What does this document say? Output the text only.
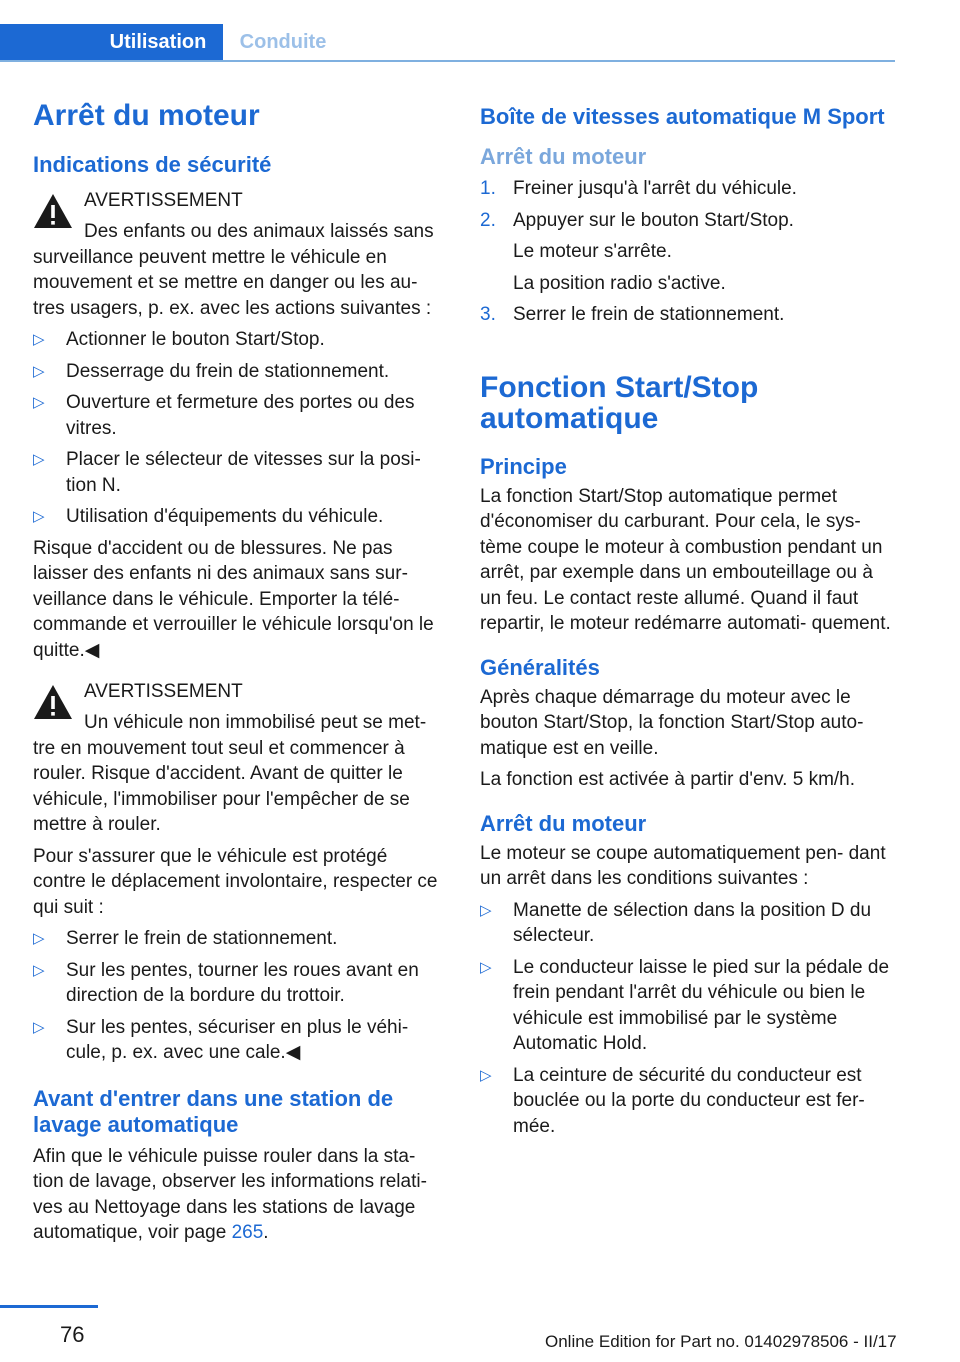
Utilisation	Conduite
Arrêt du moteur
Indications de sécurité
AVERTISSEMENT

Des enfants ou des animaux laissés sans surveillance peuvent mettre le véhicule en mouvement et se mettre en danger ou les au‐ tres usagers, p. ex. avec les actions suivantes :

▷ Actionner le bouton Start/Stop.
▷ Desserrage du frein de stationnement.
▷ Ouverture et fermeture des portes ou des vitres.
▷ Placer le sélecteur de vitesses sur la posi‐ tion N.
▷ Utilisation d'équipements du véhicule.

Risque d'accident ou de blessures. Ne pas laisser des enfants ni des animaux sans sur‐ veillance dans le véhicule. Emporter la télé‐ commande et verrouiller le véhicule lorsqu'on le quitte.◀

AVERTISSEMENT

Un véhicule non immobilisé peut se met‐ tre en mouvement tout seul et commencer à rouler. Risque d'accident. Avant de quitter le véhicule, l'immobiliser pour l'empêcher de se mettre à rouler.

Pour s'assurer que le véhicule est protégé contre le déplacement involontaire, respecter ce qui suit :

▷ Serrer le frein de stationnement.
▷ Sur les pentes, tourner les roues avant en direction de la bordure du trottoir.
▷ Sur les pentes, sécuriser en plus le véhi‐ cule, p. ex. avec une cale.◀
Avant d'entrer dans une station de lavage automatique

Afin que le véhicule puisse rouler dans la sta‐ tion de lavage, observer les informations relati‐ ves au Nettoyage dans les stations de lavage automatique, voir page 265.

Boîte de vitesses automatique M Sport
Arrêt du moteur
1. Freiner jusqu'à l'arrêt du véhicule.
2. Appuyer sur le bouton Start/Stop.

Le moteur s'arrête.

La position radio s'active.

3. Serrer le frein de stationnement.
Fonction Start/Stop automatique
Principe

La fonction Start/Stop automatique permet d'économiser du carburant. Pour cela, le sys‐ tème coupe le moteur à combustion pendant un arrêt, par exemple dans un embouteillage ou à un feu. Le contact reste allumé. Quand il faut repartir, le moteur redémarre automati‐ quement.

Généralités

Après chaque démarrage du moteur avec le bouton Start/Stop, la fonction Start/Stop auto‐ matique est en veille.

La fonction est activée à partir d'env. 5 km/h.

Arrêt du moteur

Le moteur se coupe automatiquement pen‐ dant un arrêt dans les conditions suivantes :

▷ Manette de sélection dans la position D du sélecteur.
▷ Le conducteur laisse le pied sur la pédale de frein pendant l'arrêt du véhicule ou bien le véhicule est immobilisé par le système Automatic Hold.
▷ La ceinture de sécurité du conducteur est bouclée ou la porte du conducteur est fer‐ mée.
76	Online Edition for Part no. 01402978506 - II/17
